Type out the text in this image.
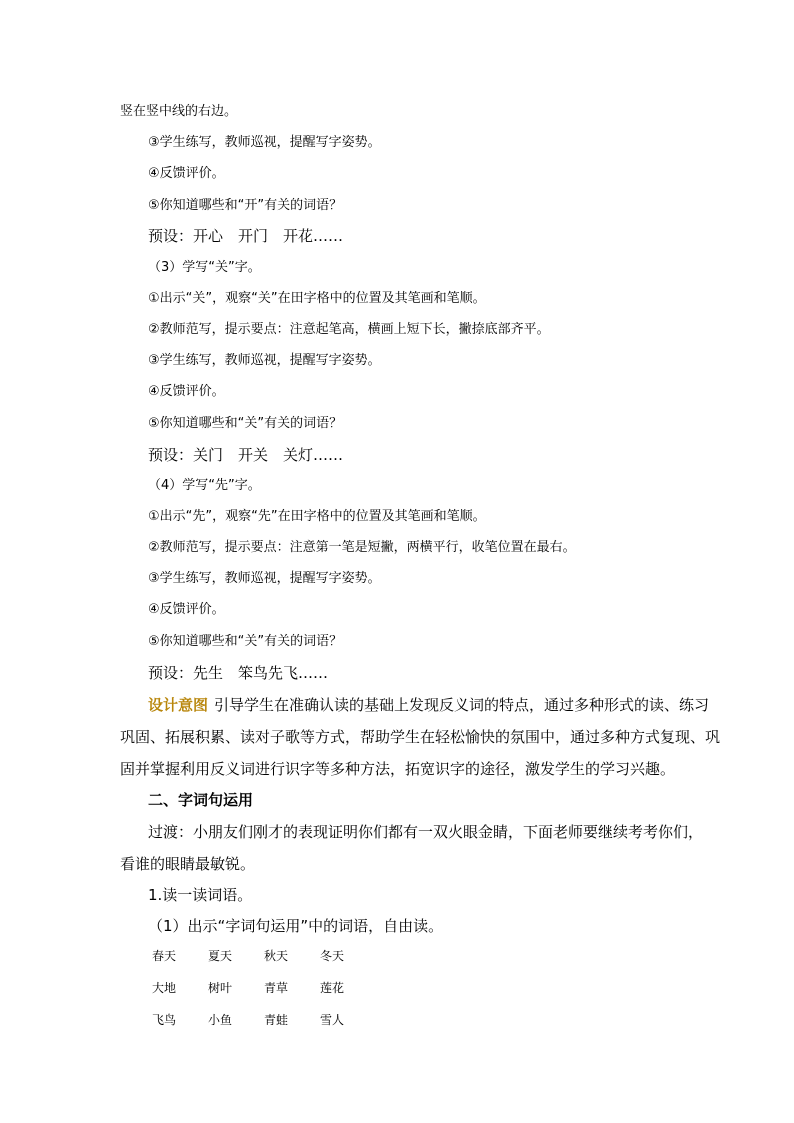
竖在竖中线的右边。
③学生练写，教师巡视，提醒写字姿势。
④反馈评价。
⑤你知道哪些和“开”有关的词语？
预设：开心　开门　开花……
（3）学写“关”字。
①出示“关”，观察“关”在田字格中的位置及其笔画和笔顺。
②教师范写，提示要点：注意起笔高，横画上短下长，撇捺底部齐平。
③学生练写，教师巡视，提醒写字姿势。
④反馈评价。
⑤你知道哪些和“关”有关的词语？
预设：关门　开关　关灯……
（4）学写“先”字。
①出示“先”，观察“先”在田字格中的位置及其笔画和笔顺。
②教师范写，提示要点：注意第一笔是短撇，两横平行，收笔位置在最右。
③学生练写，教师巡视，提醒写字姿势。
④反馈评价。
⑤你知道哪些和“关”有关的词语？
预设：先生　笨鸟先飞……
设计意图 引导学生在准确认读的基础上发现反义词的特点，通过多种形式的读、练习
巩固、拓展积累、读对子歌等方式，帮助学生在轻松愉快的氛围中，通过多种方式复现、巩
固并掌握利用反义词进行识字等多种方法，拓宽识字的途径，激发学生的学习兴趣。
二、字词句运用
过渡：小朋友们刚才的表现证明你们都有一双火眼金睛，下面老师要继续考考你们，
看谁的眼睛最敏锐。
1.读一读词语。
（1）出示“字词句运用”中的词语，自由读。
春天	夏天	秋天	冬天
大地	树叶	青草	莲花
飞鸟	小鱼	青蛙	雪人
